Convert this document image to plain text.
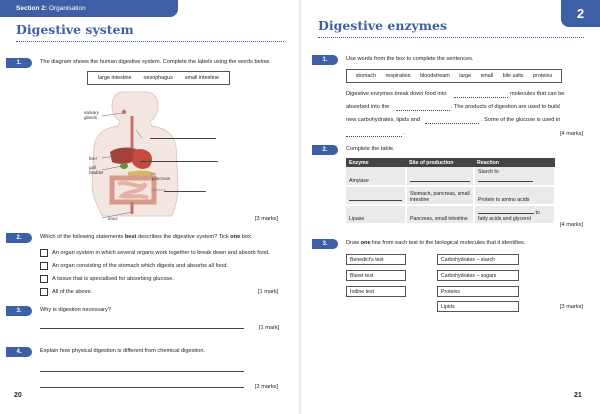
Section 2: Organisation
Digestive system
1.	The diagram shows the human digestive system. Complete the labels using the words below.
large intestine oesophagus small intestine
salivary glands
liver
gall bladder
pancreas
anus	[3 marks]
2.	Which of the following statements best describes the digestive system? Tick one box.
An organ system in which several organs work together to break down and absorb food.
An organ consisting of the stomach which digests and absorbs all food.
A tissue that is specialised for absorbing glucose.
All of the above.	[1 mark]
3.	Why is digestion necessary?
[1 mark]
4.	Explain how physical digestion is different from chemical digestion.
[2 marks]
20
2
Digestive enzymes
1.	Use words from the box to complete the sentences.
stomach respiration bloodstream large small bile salts proteins
Digestive enzymes break down food into	molecules that can be
absorbed into the	. The products of digestion are used to build
new carbohydrates, lipids and	. Some of the glucose is used in
.	[4 marks]
2.	Complete the table.
Enzyme	Site of production	Reaction
Amylase		Starch to

	Stomach, pancreas, small intestine	Protein to amino acids
Lipase	Pancreas, small intestine	to fatty acids and glycerol
[4 marks]
3.	Draw one line from each test to the biological molecules that it identifies.
Benedict's test
Biuret test
Iodine test
Carbohydrates – starch
Carbohydrates – sugars
Proteins
Lipids	[3 marks]
21
